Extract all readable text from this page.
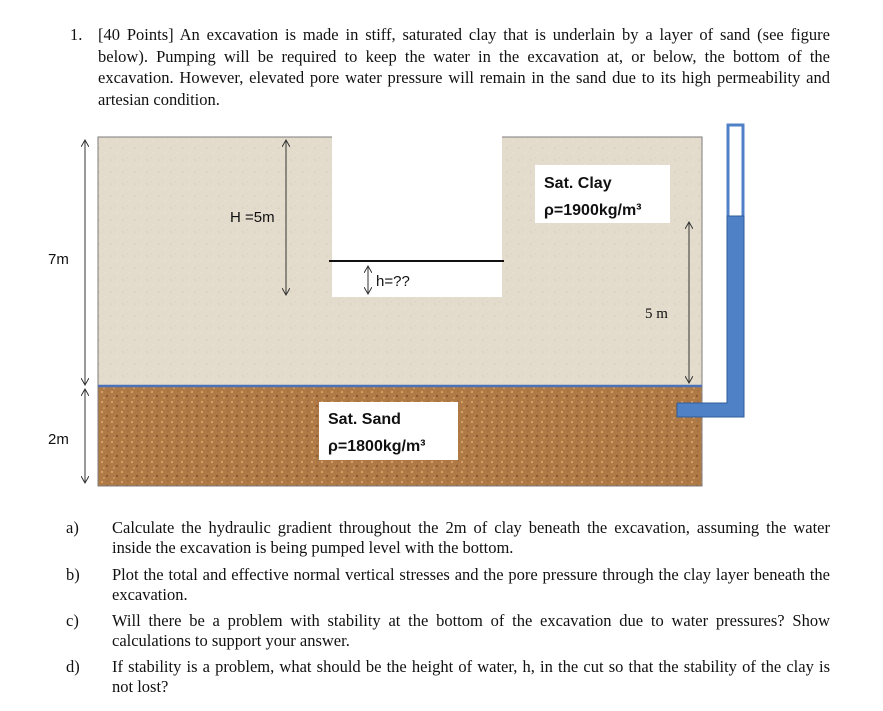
1. [40 Points] An excavation is made in stiff, saturated clay that is underlain by a layer of sand (see figure below). Pumping will be required to keep the water in the excavation at, or below, the bottom of the excavation. However, elevated pore water pressure will remain in the sand due to its high permeability and artesian condition.
7m
2m
H =5m
h=??
5 m
Sat. Clay
ρ=1900kg/m³
Sat. Sand
ρ=1800kg/m³
a) Calculate the hydraulic gradient throughout the 2m of clay beneath the excavation, assuming the water inside the excavation is being pumped level with the bottom.
b) Plot the total and effective normal vertical stresses and the pore pressure through the clay layer beneath the excavation.
c) Will there be a problem with stability at the bottom of the excavation due to water pressures? Show calculations to support your answer.
d) If stability is a problem, what should be the height of water, h, in the cut so that the stability of the clay is not lost?
